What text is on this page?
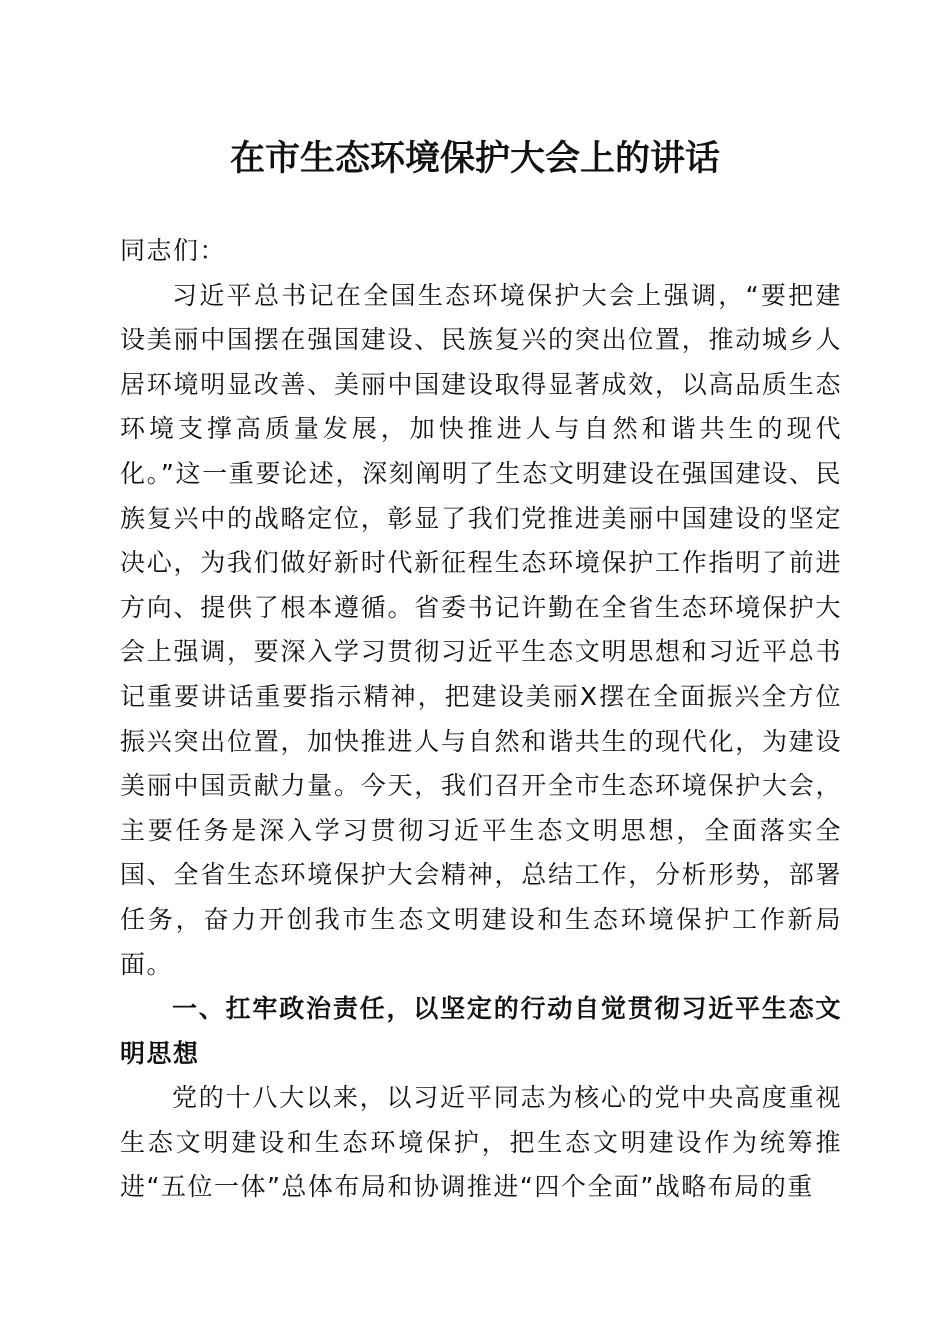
在市生态环境保护大会上的讲话

同志们：

习近平总书记在全国生态环境保护大会上强调，“要把建设美丽中国摆在强国建设、民族复兴的突出位置，推动城乡人居环境明显改善、美丽中国建设取得显著成效，以高品质生态环境支撑高质量发展，加快推进人与自然和谐共生的现代化。”这一重要论述，深刻阐明了生态文明建设在强国建设、民族复兴中的战略定位，彰显了我们党推进美丽中国建设的坚定决心，为我们做好新时代新征程生态环境保护工作指明了前进方向、提供了根本遵循。省委书记许勤在全省生态环境保护大会上强调，要深入学习贯彻习近平生态文明思想和习近平总书记重要讲话重要指示精神，把建设美丽X摆在全面振兴全方位振兴突出位置，加快推进人与自然和谐共生的现代化，为建设美丽中国贡献力量。今天，我们召开全市生态环境保护大会，主要任务是深入学习贯彻习近平生态文明思想，全面落实全国、全省生态环境保护大会精神，总结工作，分析形势，部署任务，奋力开创我市生态文明建设和生态环境保护工作新局面。

一、扛牢政治责任，以坚定的行动自觉贯彻习近平生态文明思想

党的十八大以来，以习近平同志为核心的党中央高度重视生态文明建设和生态环境保护，把生态文明建设作为统筹推进“五位一体”总体布局和协调推进“四个全面”战略布局的重
